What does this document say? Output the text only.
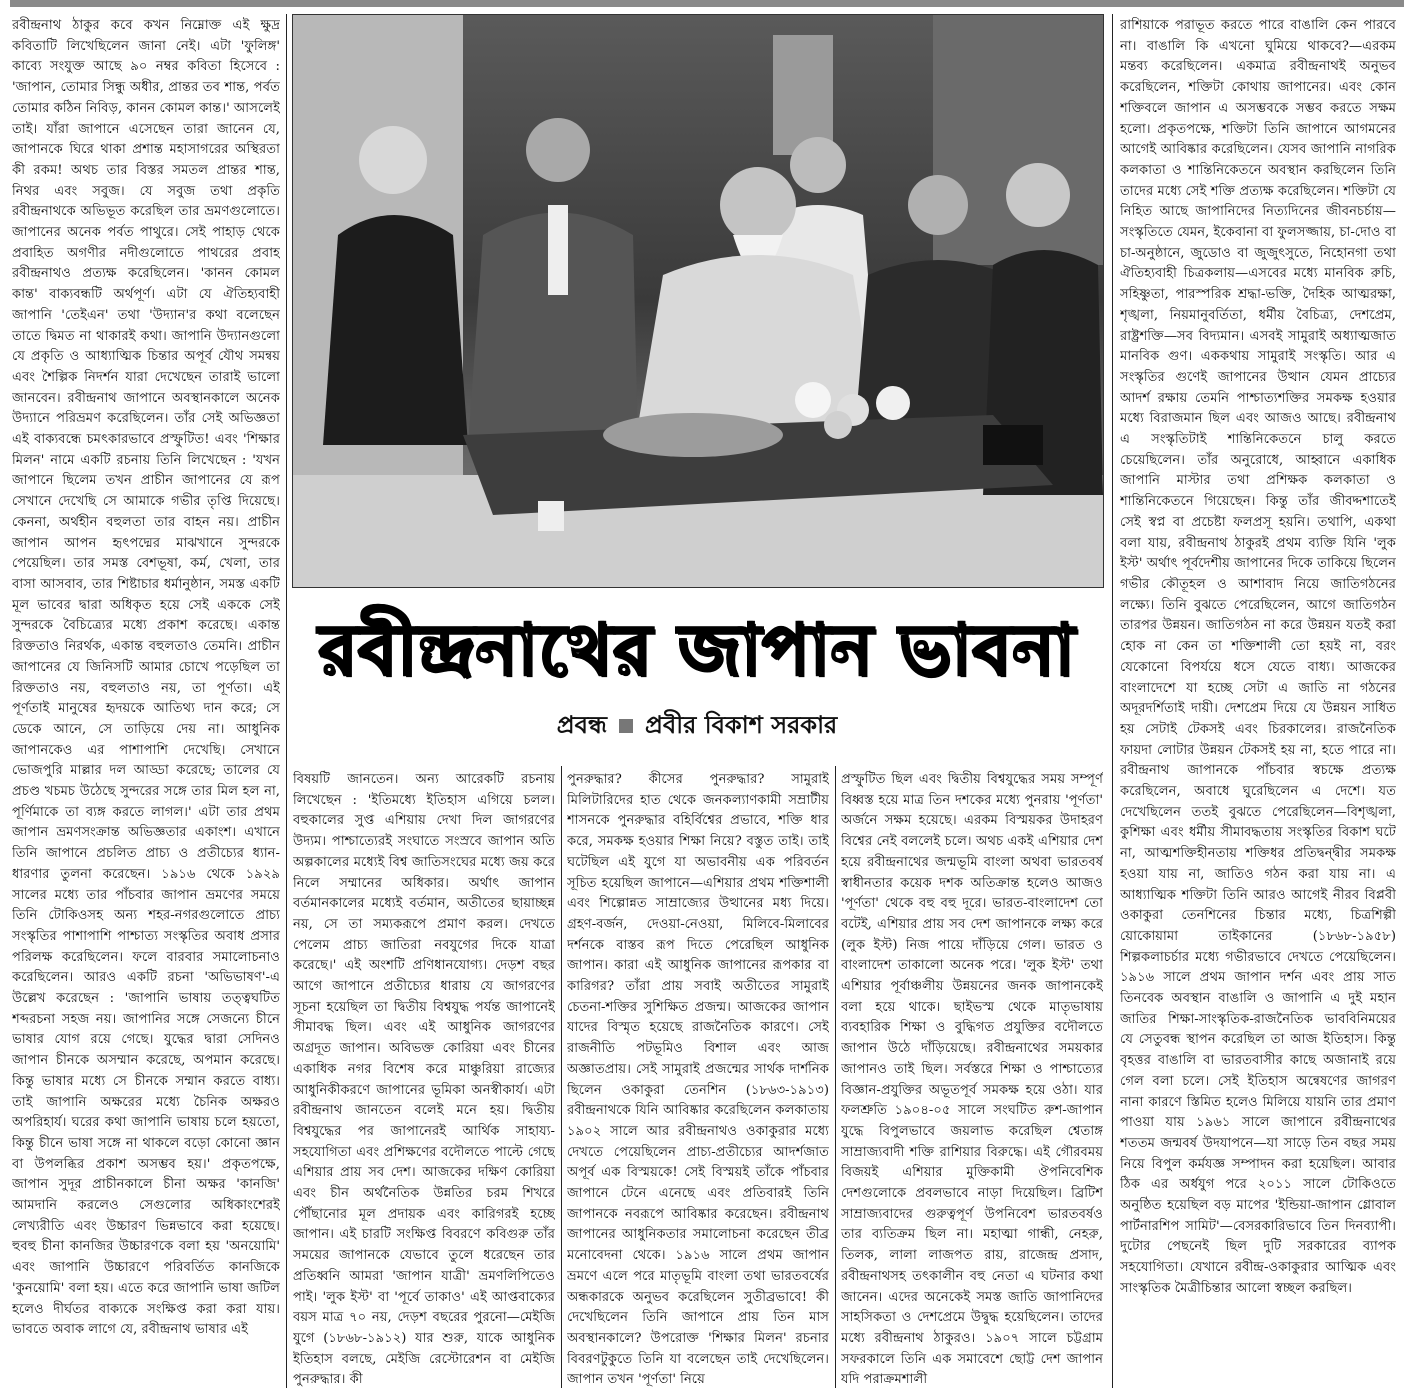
রবীন্দ্রনাথ ঠাকুর কবে কখন নিম্নোক্ত এই ক্ষুদ্র কবিতাটি লিখেছিলেন জানা নেই। এটা 'ফুলিঙ্গ' কাব্যে সংযুক্ত আছে ৯০ নম্বর কবিতা হিসেবে : 'জাপান, তোমার সিন্ধু অধীর, প্রান্তর তব শান্ত, পর্বত তোমার কঠিন নিবিড়, কানন কোমল কান্ত।' আসলেই তাই। যাঁরা জাপানে এসেছেন তারা জানেন যে, জাপানকে ঘিরে থাকা প্রশান্ত মহাসাগরের অস্থিরতা কী রকম! অথচ তার বিস্তর সমতল প্রান্তর শান্ত, নিথর এবং সবুজ। যে সবুজ তথা প্রকৃতি রবীন্দ্রনাথকে অভিভূত করেছিল তার ভ্রমণগুলোতে। জাপানের অনেক পর্বত পাথুরে। সেই পাহাড় থেকে প্রবাহিত অগণীর নদীগুলোতে পাথরের প্রবাহ রবীন্দ্রনাথও প্রত্যক্ষ করেছিলেন। 'কানন কোমল কান্ত' বাক্যবন্ধটি অর্থপূর্ণ। এটা যে ঐতিহ্যবাহী জাপানি 'তেইএন' তথা 'উদ্যান'র কথা বলেছেন তাতে দ্বিমত না থাকারই কথা। জাপানি উদ্যানগুলো যে প্রকৃতি ও আধ্যাত্মিক চিন্তার অপূর্ব যৌথ সমন্বয় এবং শৈল্পিক নিদর্শন যারা দেখেছেন তারাই ভালো জানবেন। রবীন্দ্রনাথ জাপানে অবস্থানকালে অনেক উদ্যানে পরিভ্রমণ করেছিলেন। তাঁর সেই অভিজ্ঞতা এই বাক্যবন্ধে চমৎকারভাবে প্রস্ফুটিত! এবং 'শিক্ষার মিলন' নামে একটি রচনায় তিনি লিখেছেন : 'যখন জাপানে ছিলেম তখন প্রাচীন জাপানের যে রূপ সেখানে দেখেছি সে আমাকে গভীর তৃপ্তি দিয়েছে। কেননা, অর্থহীন বহুলতা তার বাহন নয়। প্রাচীন জাপান আপন হৃৎপদ্মের মাঝখানে সুন্দরকে পেয়েছিল। তার সমস্ত বেশভূষা, কর্ম, খেলা, তার বাসা আসবাব, তার শিষ্টাচার ধর্মানুষ্ঠান, সমস্ত একটি মূল ভাবের দ্বারা অধিকৃত হয়ে সেই এককে সেই সুন্দরকে বৈচিত্র্যের মধ্যে প্রকাশ করেছে। একান্ত রিক্ততাও নিরর্থক, একান্ত বহুলতাও তেমনি। প্রাচীন জাপানের যে জিনিসটি আমার চোখে পড়েছিল তা রিক্ততাও নয়, বহুলতাও নয়, তা পূর্ণতা। এই পূর্ণতাই মানুষের হৃদয়কে আতিথ্য দান করে; সে ডেকে আনে, সে তাড়িয়ে দেয় না। আধুনিক জাপানকেও এর পাশাপাশি দেখেছি। সেখানে ভোজপুরি মাল্লার দল আড্ডা করেছে; তালের যে প্রচণ্ড খচমচ উঠেছে সুন্দরের সঙ্গে তার মিল হল না, পূর্ণিমাকে তা ব্যঙ্গ করতে লাগল।' এটা তার প্রথম জাপান ভ্রমণসংক্রান্ত অভিজ্ঞতার একাংশ। এখানে তিনি জাপানে প্রচলিত প্রাচ্য ও প্রতীচ্যের ধ্যান-ধারণার তুলনা করেছেন। ১৯১৬ থেকে ১৯২৯ সালের মধ্যে তার পাঁচবার জাপান ভ্রমণের সময়ে তিনি টোকিওসহ অন্য শহর-নগরগুলোতে প্রাচ্য সংস্কৃতির পাশাপাশি পাশ্চাত্য সংস্কৃতির অবাধ প্রসার পরিলক্ষ করেছিলেন। ফলে বারবার সমালোচনাও করেছিলেন। আরও একটি রচনা 'অভিভাষণ'-এ উল্লেখ করেছেন : 'জাপানি ভাষায় তত্ত্বঘটিত শব্দরচনা সহজ নয়। জাপানির সঙ্গে সেজন্যে চীনে ভাষার যোগ রয়ে গেছে। যুদ্ধের দ্বারা সেদিনও জাপান চীনকে অসম্মান করেছে, অপমান করেছে। কিন্তু ভাষার মধ্যে সে চীনকে সম্মান করতে বাধ্য। তাই জাপানি অক্ষরের মধ্যে চৈনিক অক্ষরও অপরিহার্য। ঘরের কথা জাপানি ভাষায় চলে হয়তো, কিন্তু চীনে ভাষা সঙ্গে না থাকলে বড়ো কোনো জ্ঞান বা উপলব্ধির প্রকাশ অসম্ভব হয়।' প্রকৃতপক্ষে, জাপান সুদূর প্রাচীনকালে চীনা অক্ষর 'কানজি' আমদানি করলেও সেগুলোর অধিকাংশেরই লেখ্যরীতি এবং উচ্চারণ ভিন্নভাবে করা হয়েছে। হুবহু চীনা কানজির উচ্চারণকে বলা হয় 'অনয়োমি' এবং জাপানি উচ্চারণে পরিবর্তিত কানজিকে 'কুনয়োমি' বলা হয়। এতে করে জাপানি ভাষা জটিল হলেও দীর্ঘতর বাক্যকে সংক্ষিপ্ত করা করা যায়। ভাবতে অবাক লাগে যে, রবীন্দ্রনাথ ভাষার এই

রবীন্দ্রনাথের জাপান ভাবনা
প্রবন্ধ প্রবীর বিকাশ সরকার

বিষয়টি জানতেন। অন্য আরেকটি রচনায় লিখেছেন : 'ইতিমধ্যে ইতিহাস এগিয়ে চলল। বহুকালের সুপ্ত এশিয়ায় দেখা দিল জাগরণের উদ্যম। পাশ্চাত্যেরই সংঘাতে সংস্রবে জাপান অতি অল্পকালের মধ্যেই বিশ্ব জাতিসংঘের মধ্যে জয় করে নিলে সম্মানের অধিকার। অর্থাৎ জাপান বর্তমানকালের মধ্যেই বর্তমান, অতীতের ছায়াচ্ছন্ন নয়, সে তা সম্যকরূপে প্রমাণ করল। দেখতে পেলেম প্রাচ্য জাতিরা নবযুগের দিকে যাত্রা করেছে।' এই অংশটি প্রণিধানযোগ্য। দেড়শ বছর আগে জাপানে প্রতীচ্যের ধারায় যে জাগরণের সূচনা হয়েছিল তা দ্বিতীয় বিশ্বযুদ্ধ পর্যন্ত জাপানেই সীমাবদ্ধ ছিল। এবং এই আধুনিক জাগরণের অগ্রদূত জাপান। অবিভক্ত কোরিয়া এবং চীনের একাধিক নগর বিশেষ করে মাঞ্চুরিয়া রাজ্যের আধুনিকীকরণে জাপানের ভূমিকা অনস্বীকার্য। এটা রবীন্দ্রনাথ জানতেন বলেই মনে হয়। দ্বিতীয় বিশ্বযুদ্ধের পর জাপানেরই আর্থিক সাহায্য-সহযোগিতা এবং প্রশিক্ষণের বদৌলতে পাল্টে গেছে এশিয়ার প্রায় সব দেশ। আজকের দক্ষিণ কোরিয়া এবং চীন অর্থনৈতিক উন্নতির চরম শিখরে পৌঁছানোর মূল প্রদায়ক এবং কারিগরই হচ্ছে জাপান। এই চারটি সংক্ষিপ্ত বিবরণে কবিগুরু তাঁর সময়ের জাপানকে যেভাবে তুলে ধরেছেন তার প্রতিধ্বনি আমরা 'জাপান যাত্রী' ভ্রমণলিপিতেও পাই। 'লুক ইস্ট' বা 'পূর্বে তাকাও' এই আপ্তবাক্যের বয়স মাত্র ৭০ নয়, দেড়শ বছরের পুরনো—মেইজি যুগে (১৮৬৮-১৯১২) যার শুরু, যাকে আধুনিক ইতিহাস বলছে, মেইজি রেস্টোরেশন বা মেইজি পুনরুদ্ধার। কী

পুনরুদ্ধার? কীসের পুনরুদ্ধার? সামুরাই মিলিটারিদের হাত থেকে জনকল্যাণকামী সম্রাটীয় শাসনকে পুনরুদ্ধার বহির্বিশ্বের প্রভাবে, শক্তি ধার করে, সমকক্ষ হওয়ার শিক্ষা নিয়ে? বস্তুত তাই। তাই ঘটেছিল এই যুগে যা অভাবনীয় এক পরিবর্তন সূচিত হয়েছিল জাপানে—এশিয়ার প্রথম শক্তিশালী এবং শিল্পোন্নত সাম্রাজ্যের উত্থানের মধ্য দিয়ে। গ্রহণ-বর্জন, দেওয়া-নেওয়া, মিলিবে-মিলাবের দর্শনকে বাস্তব রূপ দিতে পেরেছিল আধুনিক জাপান। কারা এই আধুনিক জাপানের রূপকার বা কারিগর? তাঁরা প্রায় সবাই অতীতের সামুরাই চেতনা-শক্তির সুশিক্ষিত প্রজন্ম। আজকের জাপান যাদের বিস্মৃত হয়েছে রাজনৈতিক কারণে। সেই রাজনীতি পটভূমিও বিশাল এবং আজ অজ্ঞাতপ্রায়। সেই সামুরাই প্রজন্মের সার্থক দার্শনিক ছিলেন ওকাকুরা তেনশিন (১৮৬৩-১৯১৩) রবীন্দ্রনাথকে যিনি আবিষ্কার করেছিলেন কলকাতায় ১৯০২ সালে আর রবীন্দ্রনাথও ওকাকুরার মধ্যে দেখতে পেয়েছিলেন প্রাচ্য-প্রতীচ্যের আদর্শজাত অপূর্ব এক বিস্ময়কে! সেই বিস্ময়ই তাঁকে পাঁচবার জাপানে টেনে এনেছে এবং প্রতিবারই তিনি জাপানকে নবরূপে আবিষ্কার করেছেন। রবীন্দ্রনাথ জাপানের আধুনিকতার সমালোচনা করেছেন তীব্র মনোবেদনা থেকে। ১৯১৬ সালে প্রথম জাপান ভ্রমণে এলে পরে মাতৃভূমি বাংলা তথা ভারতবর্ষের অন্ধকারকে অনুভব করেছিলেন সুতীব্রভাবে! কী দেখেছিলেন তিনি জাপানে প্রায় তিন মাস অবস্থানকালে? উপরোক্ত 'শিক্ষার মিলন' রচনার বিবরণটুকুতে তিনি যা বলেছেন তাই দেখেছিলেন। জাপান তখন 'পূর্ণতা' নিয়ে

প্রস্ফুটিত ছিল এবং দ্বিতীয় বিশ্বযুদ্ধের সময় সম্পূর্ণ বিধ্বস্ত হয়ে মাত্র তিন দশকের মধ্যে পুনরায় 'পূর্ণতা' অর্জনে সক্ষম হয়েছে। এরকম বিস্ময়কর উদাহরণ বিশ্বের নেই বললেই চলে। অথচ একই এশিয়ার দেশ হয়ে রবীন্দ্রনাথের জন্মভূমি বাংলা অথবা ভারতবর্ষ স্বাধীনতার কয়েক দশক অতিক্রান্ত হলেও আজও 'পূর্ণতা' থেকে বহু বহু দূরে। ভারত-বাংলাদেশ তো বটেই, এশিয়ার প্রায় সব দেশ জাপানকে লক্ষ্য করে (লুক ইস্ট) নিজ পায়ে দাঁড়িয়ে গেল। ভারত ও বাংলাদেশ তাকালো অনেক পরে। 'লুক ইস্ট' তথা এশিয়ার পূর্বাঞ্চলীয় উন্নয়নের জনক জাপানকেই বলা হয়ে থাকে। ছাইভস্ম থেকে মাতৃভাষায় ব্যবহারিক শিক্ষা ও বুদ্ধিগত প্রযুক্তির বদৌলতে জাপান উঠে দাঁড়িয়েছে। রবীন্দ্রনাথের সময়কার জাপানও তাই ছিল। সর্বস্তরে শিক্ষা ও পাশ্চাত্যের বিজ্ঞান-প্রযুক্তির অভূতপূর্ব সমকক্ষ হয়ে ওঠা। যার ফলশ্রুতি ১৯০৪-০৫ সালে সংঘটিত রুশ-জাপান যুদ্ধে বিপুলভাবে জয়লাভ করেছিল শ্বেতাঙ্গ সাম্রাজ্যবাদী শক্তি রাশিয়ার বিরুদ্ধে। এই গৌরবময় বিজয়ই এশিয়ার মুক্তিকামী ঔপনিবেশিক দেশগুলোকে প্রবলভাবে নাড়া দিয়েছিল। ব্রিটিশ সাম্রাজ্যবাদের গুরুত্বপূর্ণ উপনিবেশ ভারতবর্ষও তার ব্যতিক্রম ছিল না। মহাত্মা গান্ধী, নেহরু, তিলক, লালা লাজপত রায়, রাজেন্দ্র প্রসাদ, রবীন্দ্রনাথসহ তৎকালীন বহু নেতা এ ঘটনার কথা জানেন। এদের অনেকেই সমস্ত জাতি জাপানিদের সাহসিকতা ও দেশপ্রেমে উদ্বুদ্ধ হয়েছিলেন। তাদের মধ্যে রবীন্দ্রনাথ ঠাকুরও। ১৯০৭ সালে চট্টগ্রাম সফরকালে তিনি এক সমাবেশে ছোট্ট দেশ জাপান যদি পরাক্রমশালী

রাশিয়াকে পরাভূত করতে পারে বাঙালি কেন পারবে না। বাঙালি কি এখনো ঘুমিয়ে থাকবে?—এরকম মন্তব্য করেছিলেন। একমাত্র রবীন্দ্রনাথই অনুভব করেছিলেন, শক্তিটা কোথায় জাপানের। এবং কোন শক্তিবলে জাপান এ অসম্ভবকে সম্ভব করতে সক্ষম হলো। প্রকৃতপক্ষে, শক্তিটা তিনি জাপানে আগমনের আগেই আবিষ্কার করেছিলেন। যেসব জাপানি নাগরিক কলকাতা ও শান্তিনিকেতনে অবস্থান করছিলেন তিনি তাদের মধ্যে সেই শক্তি প্রত্যক্ষ করেছিলেন। শক্তিটা যে নিহিত আছে জাপানিদের নিত্যদিনের জীবনচর্চায়—সংস্কৃতিতে যেমন, ইকেবানা বা ফুলসজ্জায়, চা-দোও বা চা-অনুষ্ঠানে, জুডোও বা জুজুৎসুতে, নিহোনগা তথা ঐতিহ্যবাহী চিত্রকলায়—এসবের মধ্যে মানবিক রুচি, সহিষ্ণুতা, পারস্পরিক শ্রদ্ধা-ভক্তি, দৈহিক আত্মরক্ষা, শৃঙ্খলা, নিয়মানুবর্তিতা, ধর্মীয় বৈচিত্র্য, দেশপ্রেম, রাষ্ট্রশক্তি—সব বিদ্যমান। এসবই সামুরাই অধ্যাত্মজাত মানবিক গুণ। এককথায় সামুরাই সংস্কৃতি। আর এ সংস্কৃতির গুণেই জাপানের উত্থান যেমন প্রাচ্যের আদর্শ রক্ষায় তেমনি পাশ্চাত্যশক্তির সমকক্ষ হওয়ার মধ্যে বিরাজমান ছিল এবং আজও আছে। রবীন্দ্রনাথ এ সংস্কৃতিটাই শান্তিনিকেতনে চালু করতে চেয়েছিলেন। তাঁর অনুরোধে, আহ্বানে একাধিক জাপানি মাস্টার তথা প্রশিক্ষক কলকাতা ও শান্তিনিকেতনে গিয়েছেন। কিন্তু তাঁর জীবদ্দশাতেই সেই স্বপ্ন বা প্রচেষ্টা ফলপ্রসূ হয়নি। তথাপি, একথা বলা যায়, রবীন্দ্রনাথ ঠাকুরই প্রথম ব্যক্তি যিনি 'লুক ইস্ট' অর্থাৎ পূর্বদেশীয় জাপানের দিকে তাকিয়ে ছিলেন গভীর কৌতূহল ও আশাবাদ নিয়ে জাতিগঠনের লক্ষ্যে। তিনি বুঝতে পেরেছিলেন, আগে জাতিগঠন তারপর উন্নয়ন। জাতিগঠন না করে উন্নয়ন যতই করা হোক না কেন তা শক্তিশালী তো হয়ই না, বরং যেকোনো বিপর্যয়ে ধসে যেতে বাধ্য। আজকের বাংলাদেশে যা হচ্ছে সেটা এ জাতি না গঠনের অদূরদর্শিতাই দায়ী। দেশপ্রেম দিয়ে যে উন্নয়ন সাধিত হয় সেটাই টেকসই এবং চিরকালের। রাজনৈতিক ফায়দা লোটার উন্নয়ন টেকসই হয় না, হতে পারে না। রবীন্দ্রনাথ জাপানকে পাঁচবার স্বচক্ষে প্রত্যক্ষ করেছিলেন, অবাধে ঘুরেছিলেন এ দেশে। যত দেখেছিলেন ততই বুঝতে পেরেছিলেন—বিশৃঙ্খলা, কুশিক্ষা এবং ধর্মীয় সীমাবদ্ধতায় সংস্কৃতির বিকাশ ঘটে না, আত্মশক্তিহীনতায় শক্তিধর প্রতিদ্বন্দ্বীর সমকক্ষ হওয়া যায় না, জাতিও গঠন করা যায় না। এ আধ্যাত্মিক শক্তিটা তিনি আরও আগেই নীরব বিপ্লবী ওকাকুরা তেনশিনের চিন্তার মধ্যে, চিত্রশিল্পী য়োকোয়ামা তাইকানের (১৮৬৮-১৯৫৮) শিল্পকলাচর্চার মধ্যে গভীরভাবে দেখতে পেয়েছিলেন। ১৯১৬ সালে প্রথম জাপান দর্শন এবং প্রায় সাত তিনবেক অবস্থান বাঙালি ও জাপানি এ দুই মহান জাতির শিক্ষা-সাংস্কৃতিক-রাজনৈতিক ভাববিনিময়ের যে সেতুবন্ধ স্থাপন করেছিল তা আজ ইতিহাস। কিন্তু বৃহত্তর বাঙালি বা ভারতবাসীর কাছে অজানাই রয়ে গেল বলা চলে। সেই ইতিহাস অন্বেষণের জাগরণ নানা কারণে স্তিমিত হলেও মিলিয়ে যায়নি তার প্রমাণ পাওয়া যায় ১৯৬১ সালে জাপানে রবীন্দ্রনাথের শততম জন্মবর্ষ উদযাপনে—যা সাড়ে তিন বছর সময় নিয়ে বিপুল কর্মযজ্ঞ সম্পাদন করা হয়েছিল। আবার ঠিক এর অর্ধযুগ পরে ২০১১ সালে টোকিওতে অনুষ্ঠিত হয়েছিল বড় মাপের 'ইন্ডিয়া-জাপান গ্লোবাল পার্টনারশিপ সামিট'—বেসরকারিভাবে তিন দিনব্যাপী। দুটোর পেছনেই ছিল দুটি সরকারের ব্যাপক সহযোগিতা। যেখানে রবীন্দ্র-ওকাকুরার আত্মিক এবং সাংস্কৃতিক মৈত্রীচিন্তার আলো স্বচ্ছল করছিল।
